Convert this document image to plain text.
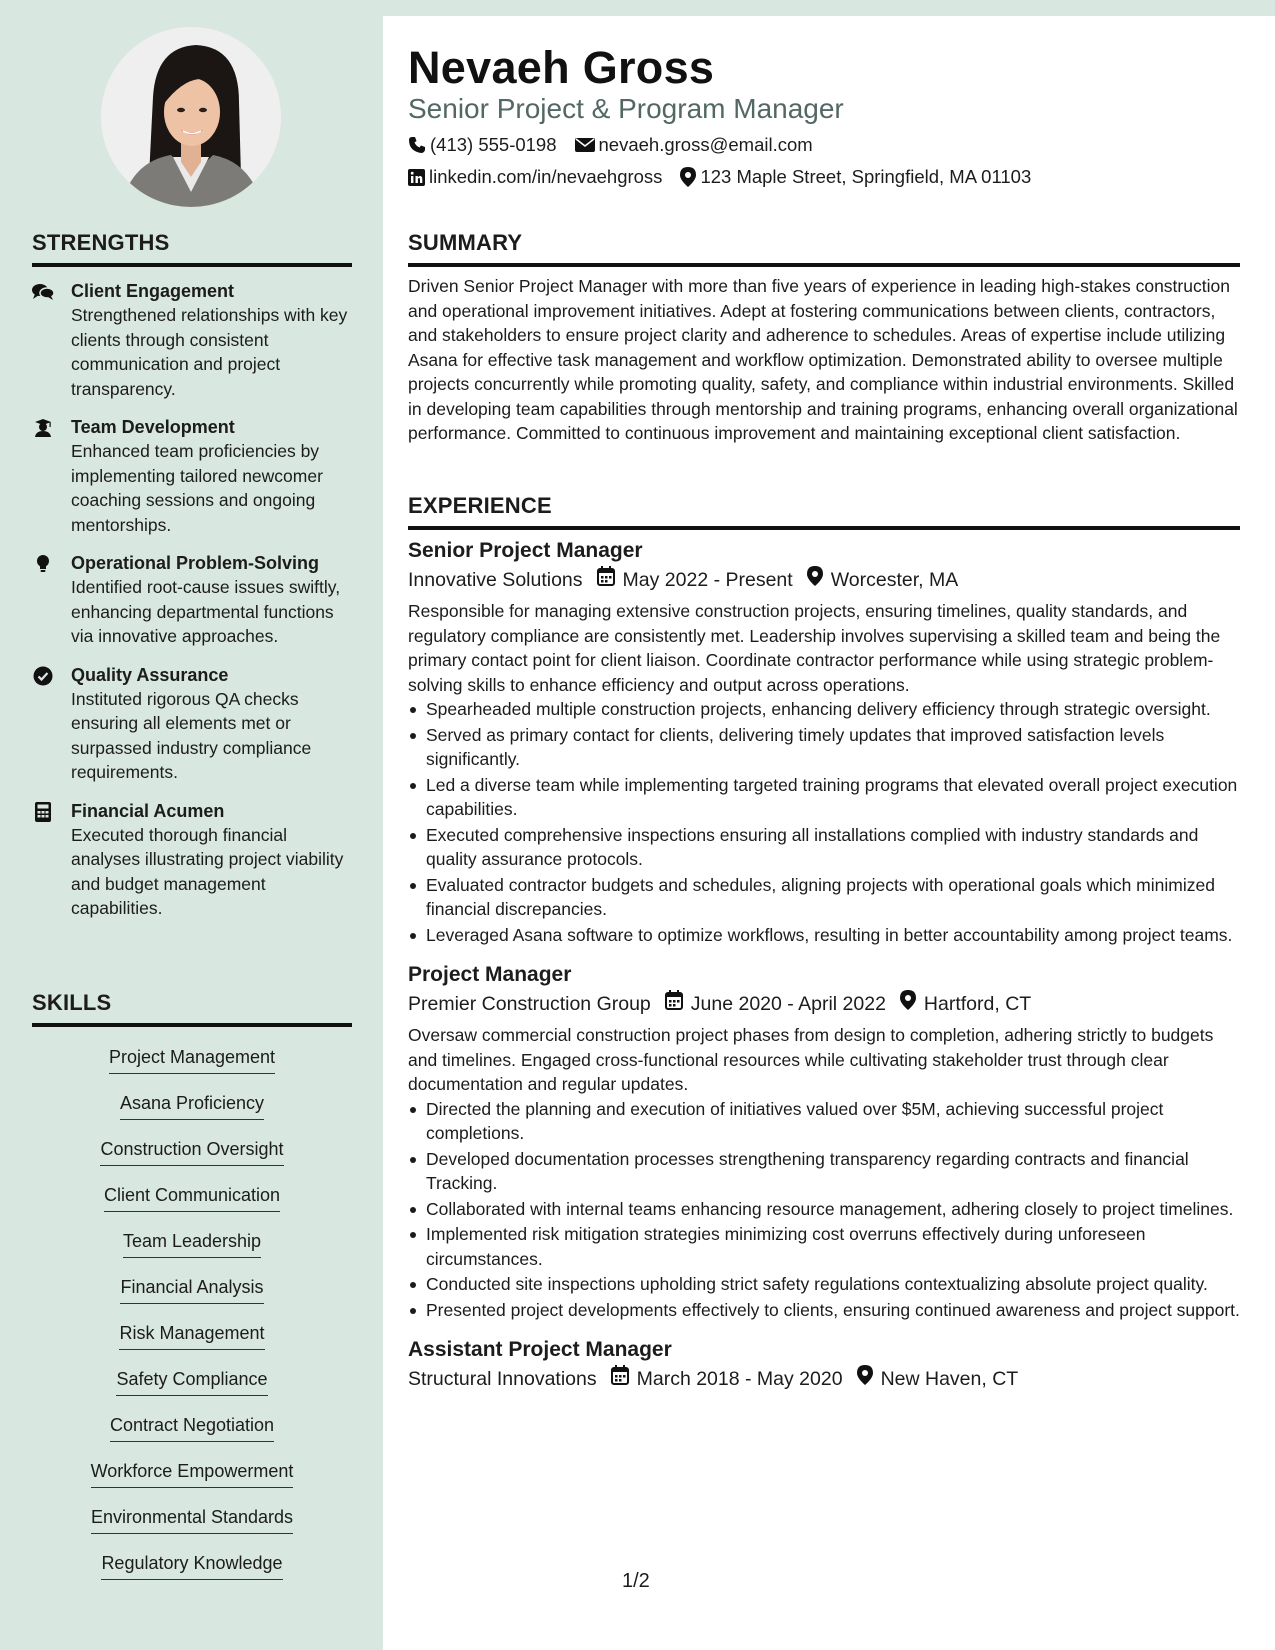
STRENGTHS
Client Engagement
Strengthened relationships with key clients through consistent communication and project transparency.
Team Development
Enhanced team proficiencies by implementing tailored newcomer coaching sessions and ongoing mentorships.
Operational Problem-Solving
Identified root-cause issues swiftly, enhancing departmental functions via innovative approaches.
Quality Assurance
Instituted rigorous QA checks ensuring all elements met or surpassed industry compliance requirements.
Financial Acumen
Executed thorough financial analyses illustrating project viability and budget management capabilities.
SKILLS
Project Management
Asana Proficiency
Construction Oversight
Client Communication
Team Leadership
Financial Analysis
Risk Management
Safety Compliance
Contract Negotiation
Workforce Empowerment
Environmental Standards
Regulatory Knowledge
Nevaeh Gross
Senior Project & Program Manager
(413) 555-0198 nevaeh.gross@email.com
linkedin.com/in/nevaehgross 123 Maple Street, Springfield, MA 01103
SUMMARY
Driven Senior Project Manager with more than five years of experience in leading high-stakes construction and operational improvement initiatives. Adept at fostering communications between clients, contractors, and stakeholders to ensure project clarity and adherence to schedules. Areas of expertise include utilizing Asana for effective task management and workflow optimization. Demonstrated ability to oversee multiple projects concurrently while promoting quality, safety, and compliance within industrial environments. Skilled in developing team capabilities through mentorship and training programs, enhancing overall organizational performance. Committed to continuous improvement and maintaining exceptional client satisfaction.
EXPERIENCE
Senior Project Manager
Innovative Solutions May 2022 - Present Worcester, MA
Responsible for managing extensive construction projects, ensuring timelines, quality standards, and regulatory compliance are consistently met. Leadership involves supervising a skilled team and being the primary contact point for client liaison. Coordinate contractor performance while using strategic problem-solving skills to enhance efficiency and output across operations.
Spearheaded multiple construction projects, enhancing delivery efficiency through strategic oversight.
Served as primary contact for clients, delivering timely updates that improved satisfaction levels significantly.
Led a diverse team while implementing targeted training programs that elevated overall project execution capabilities.
Executed comprehensive inspections ensuring all installations complied with industry standards and quality assurance protocols.
Evaluated contractor budgets and schedules, aligning projects with operational goals which minimized financial discrepancies.
Leveraged Asana software to optimize workflows, resulting in better accountability among project teams.
Project Manager
Premier Construction Group June 2020 - April 2022 Hartford, CT
Oversaw commercial construction project phases from design to completion, adhering strictly to budgets and timelines. Engaged cross-functional resources while cultivating stakeholder trust through clear documentation and regular updates.
Directed the planning and execution of initiatives valued over $5M, achieving successful project completions.
Developed documentation processes strengthening transparency regarding contracts and financial Tracking.
Collaborated with internal teams enhancing resource management, adhering closely to project timelines.
Implemented risk mitigation strategies minimizing cost overruns effectively during unforeseen circumstances.
Conducted site inspections upholding strict safety regulations contextualizing absolute project quality.
Presented project developments effectively to clients, ensuring continued awareness and project support.
Assistant Project Manager
Structural Innovations March 2018 - May 2020 New Haven, CT
1/2
